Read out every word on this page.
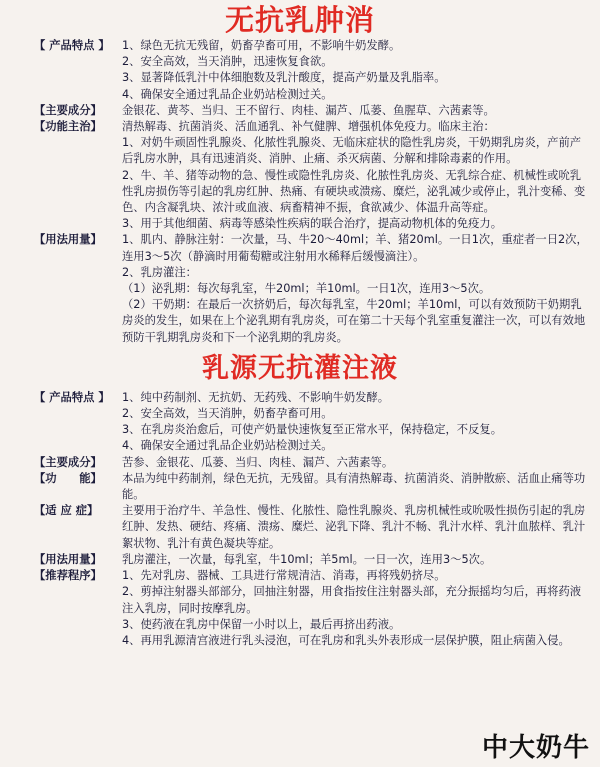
无抗乳肿消
【 产品特点 】	1、绿色无抗无残留，奶畜孕畜可用，不影响牛奶发酵。

2、安全高效，当天消肿，迅速恢复食欲。

3、显著降低乳汁中体细胞数及乳汁酸度，提高产奶量及乳脂率。

4、确保安全通过乳品企业奶站检测过关。

【主要成分】	金银花、黄芩、当归、王不留行、肉桂、漏芦、瓜蒌、鱼腥草、六茜素等。
【功能主治】	清热解毒、抗菌消炎、活血通乳、补气健脾、增强机体免疫力。临床主治：

1、对奶牛顽固性乳腺炎、化脓性乳腺炎、无临床症状的隐性乳房炎，干奶期乳房炎，产前产后乳房水肿，具有迅速消炎、消肿、止痛、杀灭病菌、分解和排除毒素的作用。

2、牛、羊、猪等动物的急、慢性或隐性乳房炎、化脓性乳房炎、无乳综合症、机械性或吮乳性乳房损伤等引起的乳房红肿、热痛、有硬块或溃疡、糜烂，泌乳减少或停止，乳汁变稀、变色、内含凝乳块、浓汁或血液、病畜精神不振，食欲减少、体温升高等症。

3、用于其他细菌、病毒等感染性疾病的联合治疗，提高动物机体的免疫力。

【用法用量】	1、肌内、静脉注射：一次量，马、牛20～40ml；羊、猪20ml。一日1次，重症者一日2次，连用3～5次（静滴时用葡萄糖或注射用水稀释后缓慢滴注）。

2、乳房灌注：

（1）泌乳期：每次每乳室，牛20ml；羊10ml。一日1次，连用3～5次。

（2）干奶期：在最后一次挤奶后，每次每乳室，牛20ml；羊10ml，可以有效预防干奶期乳房炎的发生，如果在上个泌乳期有乳房炎，可在第二十天每个乳室重复灌注一次，可以有效地预防干乳期乳房炎和下一个泌乳期的乳房炎。

乳源无抗灌注液
【 产品特点 】	1、纯中药制剂、无抗奶、无药残、不影响牛奶发酵。

2、安全高效，当天消肿，奶畜孕畜可用。

3、在乳房炎治愈后，可使产奶量快速恢复至正常水平，保持稳定，不反复。

4、确保安全通过乳品企业奶站检测过关。

【主要成分】	苦参、金银花、瓜蒌、当归、肉桂、漏芦、六茜素等。
【功　　能】	本品为纯中药制剂，绿色无抗，无残留。具有清热解毒、抗菌消炎、消肿散瘀、活血止痛等功能。
【适 应 症】	主要用于治疗牛、羊急性、慢性、化脓性、隐性乳腺炎、乳房机械性或吮吸性损伤引起的乳房红肿、发热、硬结、疼痛、溃疡、糜烂、泌乳下降、乳汁不畅、乳汁水样、乳汁血脓样、乳汁絮状物、乳汁有黄色凝块等症。
【用法用量】	乳房灌注，一次量，每乳室，牛10ml；羊5ml。一日一次，连用3～5次。
【推荐程序】	1、先对乳房、器械、工具进行常规清洁、消毒，再将残奶挤尽。

2、剪掉注射器头部部分，回抽注射器，用食指按住注射器头部，充分振摇均匀后，再将药液注入乳房，同时按摩乳房。

3、使药液在乳房中保留一小时以上，最后再挤出药液。

4、再用乳源清宫液进行乳头浸泡，可在乳房和乳头外表形成一层保护膜，阻止病菌入侵。

中大奶牛
